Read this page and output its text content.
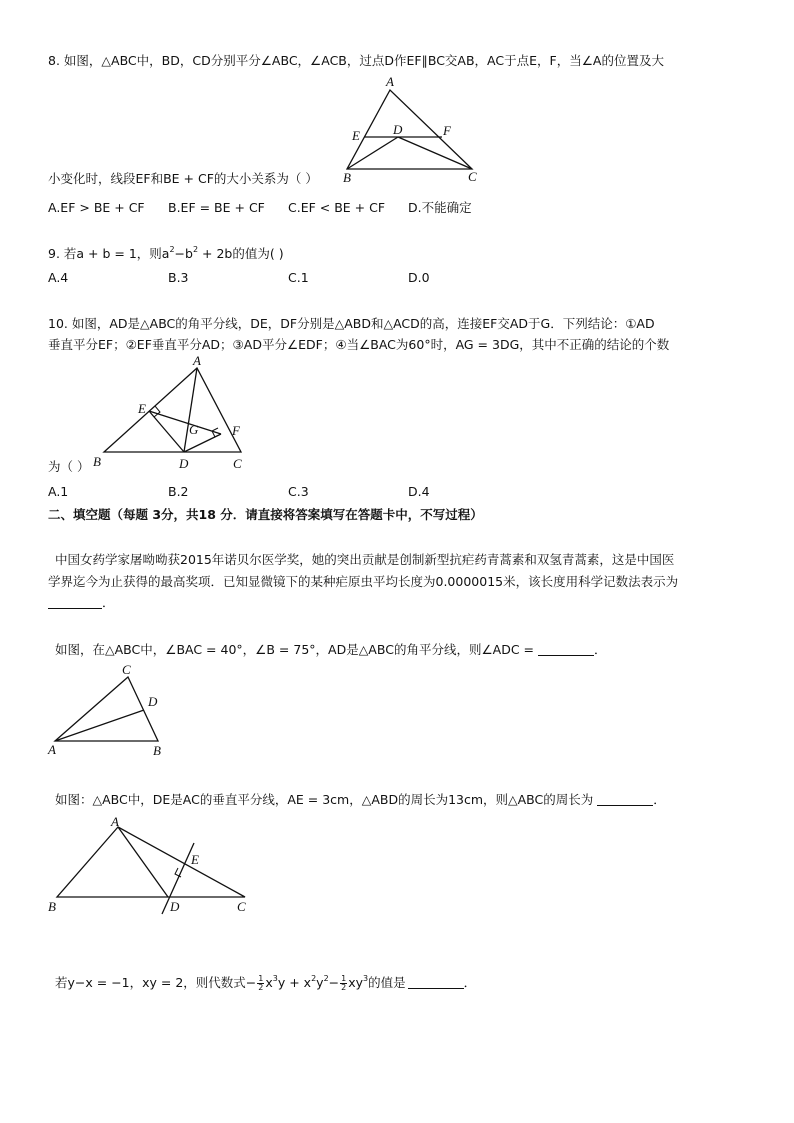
8. 如图，△ABC中，BD，CD分别平分∠ABC，∠ACB，过点D作EF∥BC交AB，AC于点E，F，当∠A的位置及大
A
E	D	F
B	C
小变化时，线段EF和BE + CF的大小关系为（ ）
A.EF > BE + CF B.EF = BE + CF C.EF < BE + CF D.不能确定
9. 若a + b = 1，则$a^2-b^2 + 2b$的值为( )
A.4	B.3	C.1	D.0
10. 如图，AD是△ABC的角平分线，DE，DF分别是△ABD和△ACD的高，连接EF交AD于G．下列结论：①AD
垂直平分EF；②EF垂直平分AD；③AD平分∠EDF；④当∠BAC为60°时，AG = 3DG，其中不正确的结论的个数
A
E
G	F
B	D	C
为（ ）
A.1	B.2	C.3	D.4
二、填空题（每题 3分，共18 分．请直接将答案填写在答题卡中，不写过程）
中国女药学家屠呦呦获2015年诺贝尔医学奖，她的突出贡献是创制新型抗疟药青蒿素和双氢青蒿素，这是中国医
学界迄今为止获得的最高奖项．已知显微镜下的某种疟原虫平均长度为0.0000015米，该长度用科学记数法表示为
．
如图，在△ABC中，∠BAC = 40°，∠B = 75°，AD是△ABC的角平分线，则∠ADC =	．
C
D
A	B
如图：△ABC中，DE是AC的垂直平分线，AE = 3cm，△ABD的周长为13cm，则△ABC的周长为	．
A
E
B	D	C
若y−x = −1，xy = 2，则代数式− $\frac{1}{2} x^3y + x^2y^2- \frac{1}{2} xy^3$的值是	．
